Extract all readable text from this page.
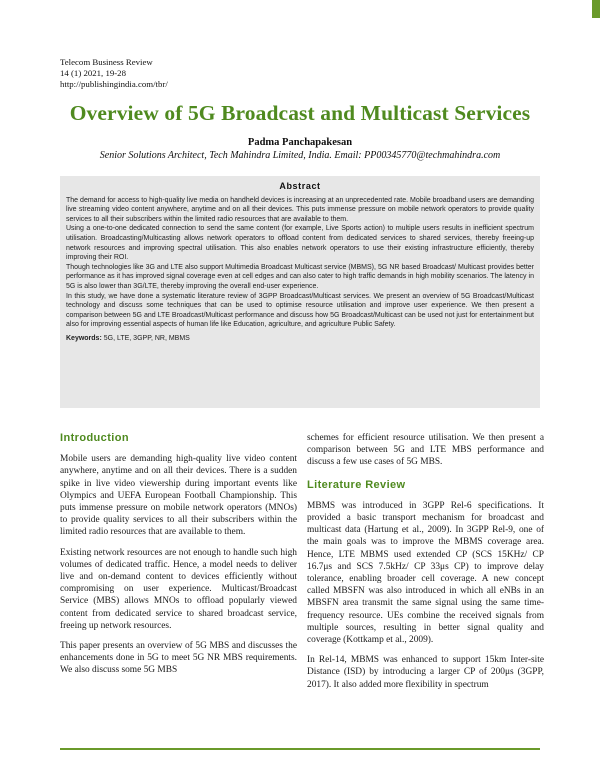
Telecom Business Review
14 (1) 2021, 19-28
http://publishingindia.com/tbr/
Overview of 5G Broadcast and Multicast Services
Padma Panchapakesan
Senior Solutions Architect, Tech Mahindra Limited, India. Email: PP00345770@techmahindra.com
Abstract

The demand for access to high-quality live media on handheld devices is increasing at an unprecedented rate. Mobile broadband users are demanding live streaming video content anywhere, anytime and on all their devices. This puts immense pressure on mobile network operators to provide quality services to all their subscribers within the limited radio resources that are available to them.

Using a one-to-one dedicated connection to send the same content (for example, Live Sports action) to multiple users results in inefficient spectrum utilisation. Broadcasting/Multicasting allows network operators to offload content from dedicated services to shared services, thereby freeing-up network resources and improving spectral utilisation. This also enables network operators to use their existing infrastructure efficiently, thereby improving their ROI.

Though technologies like 3G and LTE also support Multimedia Broadcast Multicast service (MBMS), 5G NR based Broadcast/ Multicast provides better performance as it has improved signal coverage even at cell edges and can also cater to high traffic demands in high mobility scenarios. The latency in 5G is also lower than 3G/LTE, thereby improving the overall end-user experience.

In this study, we have done a systematic literature review of 3GPP Broadcast/Multicast services. We present an overview of 5G Broadcast/Multicast technology and discuss some techniques that can be used to optimise resource utilisation and improve user experience. We then present a comparison between 5G and LTE Broadcast/Multicast performance and discuss how 5G Broadcast/Multicast can be used not just for entertainment but also for improving essential aspects of human life like Education, agriculture, and agriculture Public Safety.

Keywords: 5G, LTE, 3GPP, NR, MBMS

Introduction

Mobile users are demanding high-quality live video content anywhere, anytime and on all their devices. There is a sudden spike in live video viewership during important events like Olympics and UEFA European Football Championship. This puts immense pressure on mobile network operators (MNOs) to provide quality services to all their subscribers within the limited radio resources that are available to them.

Existing network resources are not enough to handle such high volumes of dedicated traffic. Hence, a model needs to deliver live and on-demand content to devices efficiently without compromising on user experience. Multicast/Broadcast Service (MBS) allows MNOs to offload popularly viewed content from dedicated service to shared broadcast service, freeing up network resources.

This paper presents an overview of 5G MBS and discusses the enhancements done in 5G to meet 5G NR MBS requirements. We also discuss some 5G MBS

schemes for efficient resource utilisation. We then present a comparison between 5G and LTE MBS performance and discuss a few use cases of 5G MBS.

Literature Review

MBMS was introduced in 3GPP Rel-6 specifications. It provided a basic transport mechanism for broadcast and multicast data (Hartung et al., 2009). In 3GPP Rel-9, one of the main goals was to improve the MBMS coverage area. Hence, LTE MBMS used extended CP (SCS 15KHz/ CP 16.7μs and SCS 7.5kHz/ CP 33μs CP) to improve delay tolerance, enabling broader cell coverage. A new concept called MBSFN was also introduced in which all eNBs in an MBSFN area transmit the same signal using the same time-frequency resource. UEs combine the received signals from multiple sources, resulting in better signal quality and coverage (Kottkamp et al., 2009).

In Rel-14, MBMS was enhanced to support 15km Inter-site Distance (ISD) by introducing a larger CP of 200μs (3GPP, 2017). It also added more flexibility in spectrum
